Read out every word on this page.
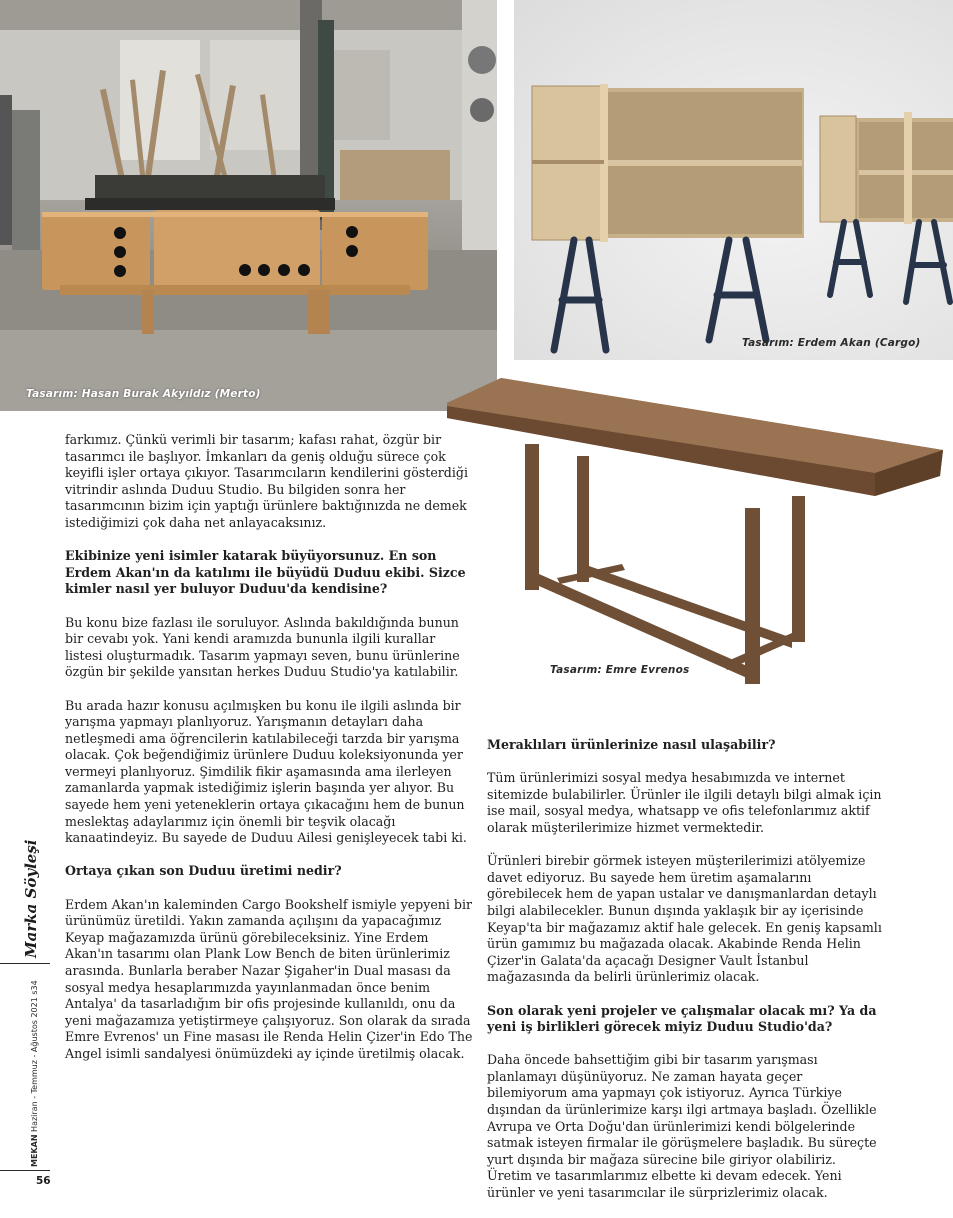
Tasarım: Hasan Burak Akyıldız (Merto)
Tasarım: Erdem Akan (Cargo)
Tasarım: Emre Evrenos

farkımız. Çünkü verimli bir tasarım; kafası rahat, özgür bir tasarımcı ile başlıyor. İmkanları da geniş olduğu sürece çok keyifli işler ortaya çıkıyor. Tasarımcıların kendilerini gösterdiği vitrindir aslında Duduu Studio. Bu bilgiden sonra her tasarımcının bizim için yaptığı ürünlere baktığınızda ne demek istediğimizi çok daha net anlayacaksınız.

Ekibinize yeni isimler katarak büyüyorsunuz. En son Erdem Akan'ın da katılımı ile büyüdü Duduu ekibi. Sizce kimler nasıl yer buluyor Duduu'da kendisine?

Bu konu bize fazlası ile soruluyor. Aslında bakıldığında bunun bir cevabı yok. Yani kendi aramızda bununla ilgili kurallar listesi oluşturmadık. Tasarım yapmayı seven, bunu ürünlerine özgün bir şekilde yansıtan herkes Duduu Studio'ya katılabilir.

Bu arada hazır konusu açılmışken bu konu ile ilgili aslında bir yarışma yapmayı planlıyoruz. Yarışmanın detayları daha netleşmedi ama öğrencilerin katılabileceği tarzda bir yarışma olacak. Çok beğendiğimiz ürünlere Duduu koleksiyonunda yer vermeyi planlıyoruz. Şimdilik fikir aşamasında ama ilerleyen zamanlarda yapmak istediğimiz işlerin başında yer alıyor. Bu sayede hem yeni yeteneklerin ortaya çıkacağını hem de bunun meslektaş adaylarımız için önemli bir teşvik olacağı kanaatindeyiz. Bu sayede de Duduu Ailesi genişleyecek tabi ki.

Ortaya çıkan son Duduu üretimi nedir?

Erdem Akan'ın kaleminden Cargo Bookshelf ismiyle yepyeni bir ürünümüz üretildi. Yakın zamanda açılışını da yapacağımız Keyap mağazamızda ürünü görebileceksiniz. Yine Erdem Akan'ın tasarımı olan Plank Low Bench de biten ürünlerimiz arasında. Bunlarla beraber Nazar Şigaher'in Dual masası da sosyal medya hesaplarımızda yayınlanmadan önce benim Antalya' da tasarladığım bir ofis projesinde kullanıldı, onu da yeni mağazamıza yetiştirmeye çalışıyoruz. Son olarak da sırada Emre Evrenos' un Fine masası ile Renda Helin Çizer'in Edo The Angel isimli sandalyesi önümüzdeki ay içinde üretilmiş olacak.

Meraklıları ürünlerinize nasıl ulaşabilir?

Tüm ürünlerimizi sosyal medya hesabımızda ve internet sitemizde bulabilirler. Ürünler ile ilgili detaylı bilgi almak için ise mail, sosyal medya, whatsapp ve ofis telefonlarımız aktif olarak müşterilerimize hizmet vermektedir.

Ürünleri birebir görmek isteyen müşterilerimizi atölyemize davet ediyoruz. Bu sayede hem üretim aşamalarını görebilecek hem de yapan ustalar ve danışmanlardan detaylı bilgi alabilecekler. Bunun dışında yaklaşık bir ay içerisinde Keyap'ta bir mağazamız aktif hale gelecek. En geniş kapsamlı ürün gamımız bu mağazada olacak. Akabinde Renda Helin Çizer'in Galata'da açacağı Designer Vault İstanbul mağazasında da belirli ürünlerimiz olacak.

Son olarak yeni projeler ve çalışmalar olacak mı? Ya da yeni iş birlikleri görecek miyiz Duduu Studio'da?

Daha öncede bahsettiğim gibi bir tasarım yarışması planlamayı düşünüyoruz. Ne zaman hayata geçer bilemiyorum ama yapmayı çok istiyoruz. Ayrıca Türkiye dışından da ürünlerimize karşı ilgi artmaya başladı. Özellikle Avrupa ve Orta Doğu'dan ürünlerimizi kendi bölgelerinde satmak isteyen firmalar ile görüşmelere başladık. Bu süreçte yurt dışında bir mağaza sürecine bile giriyor olabiliriz. Üretim ve tasarımlarımız elbette ki devam edecek. Yeni ürünler ve yeni tasarımcılar ile sürprizlerimiz olacak.

Marka Söyleşi
MEKAN Haziran - Temmuz - Ağustos 2021 s34
56
